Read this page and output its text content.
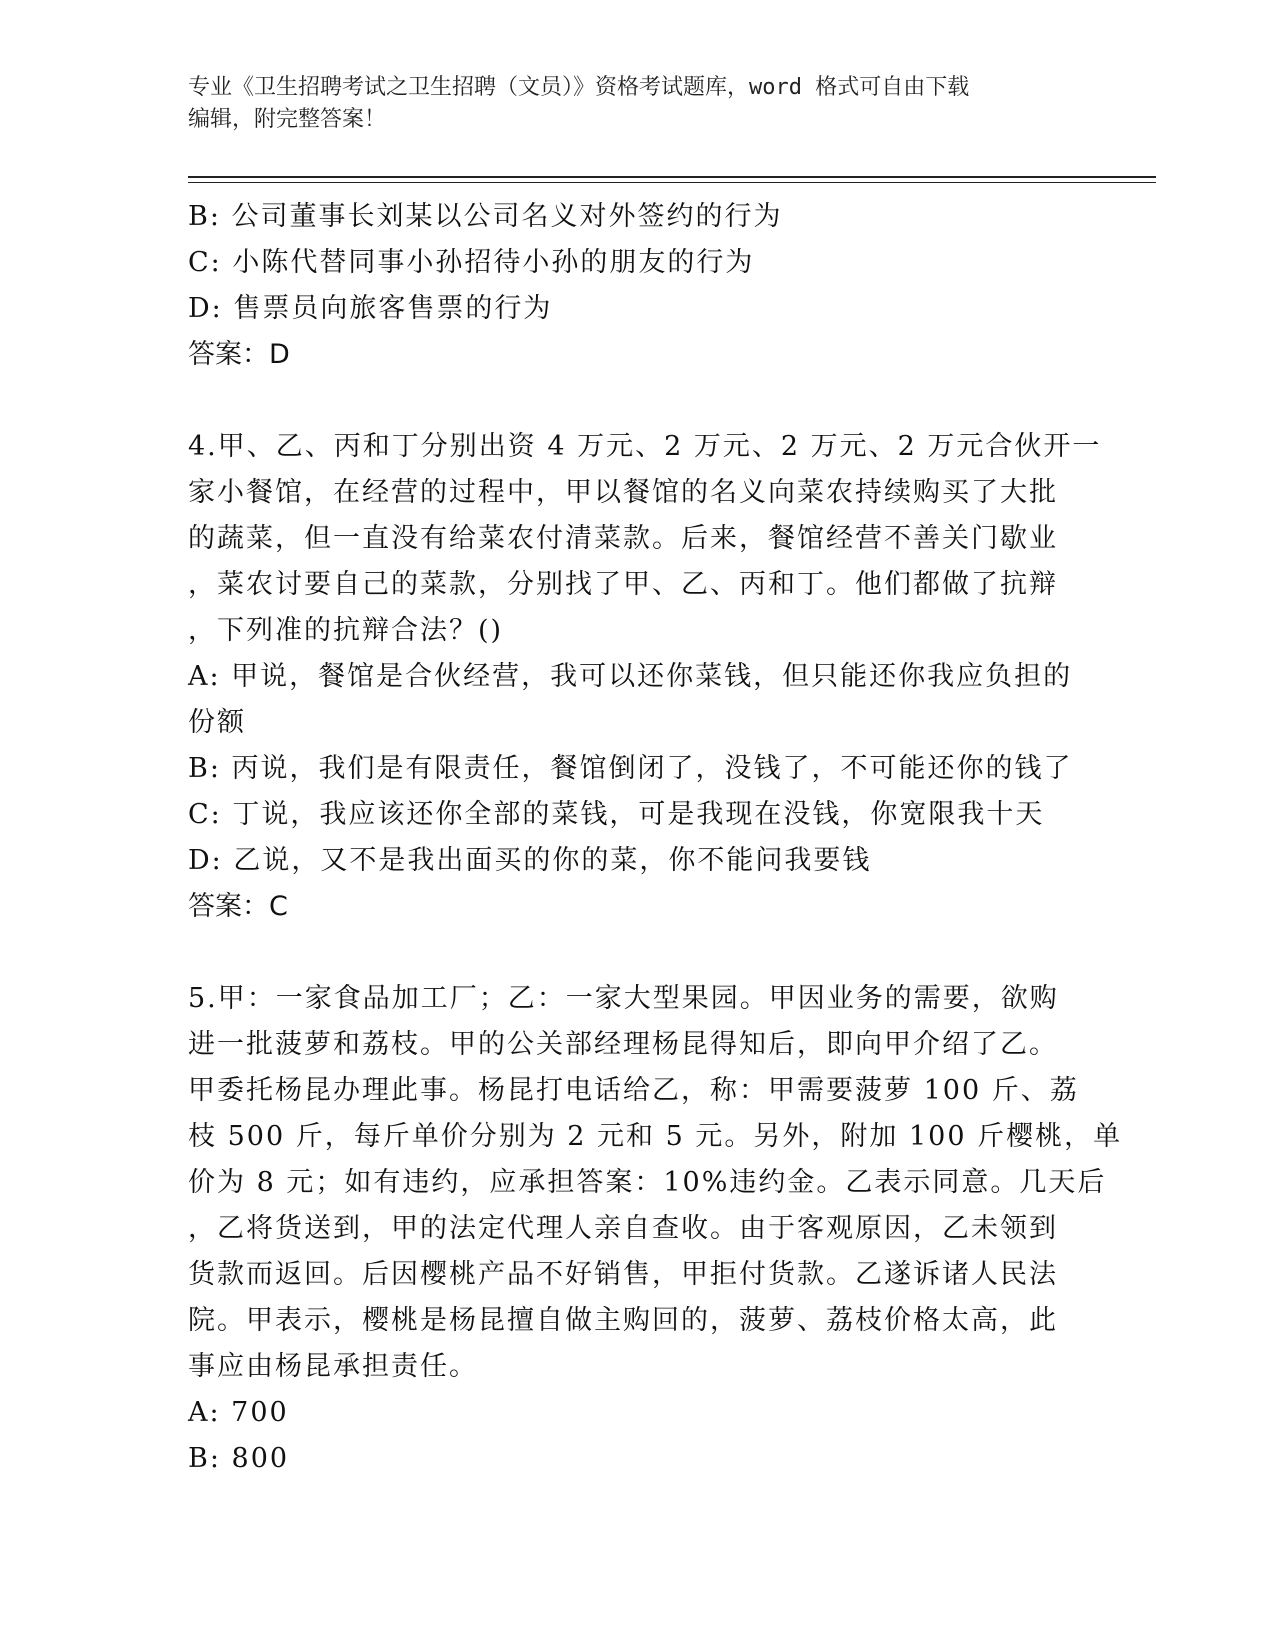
专业《卫生招聘考试之卫生招聘（文员）》资格考试题库，word 格式可自由下载
编辑，附完整答案！
B: 公司董事长刘某以公司名义对外签约的行为
C: 小陈代替同事小孙招待小孙的朋友的行为
D: 售票员向旅客售票的行为
答案：D
4.甲、乙、丙和丁分别出资 4 万元、2 万元、2 万元、2 万元合伙开一
家小餐馆，在经营的过程中，甲以餐馆的名义向菜农持续购买了大批
的蔬菜，但一直没有给菜农付清菜款。后来，餐馆经营不善关门歇业
，菜农讨要自己的菜款，分别找了甲、乙、丙和丁。他们都做了抗辩
，下列准的抗辩合法？()
A: 甲说，餐馆是合伙经营，我可以还你菜钱，但只能还你我应负担的
份额
B: 丙说，我们是有限责任，餐馆倒闭了，没钱了，不可能还你的钱了
C: 丁说，我应该还你全部的菜钱，可是我现在没钱，你宽限我十天
D: 乙说，又不是我出面买的你的菜，你不能问我要钱
答案：C
5.甲：一家食品加工厂；乙：一家大型果园。甲因业务的需要，欲购
进一批菠萝和荔枝。甲的公关部经理杨昆得知后，即向甲介绍了乙。
甲委托杨昆办理此事。杨昆打电话给乙，称：甲需要菠萝 100 斤、荔
枝 500 斤，每斤单价分别为 2 元和 5 元。另外，附加 100 斤樱桃，单
价为 8 元；如有违约，应承担答案：10%违约金。乙表示同意。几天后
，乙将货送到，甲的法定代理人亲自查收。由于客观原因，乙未领到
货款而返回。后因樱桃产品不好销售，甲拒付货款。乙遂诉诸人民法
院。甲表示，樱桃是杨昆擅自做主购回的，菠萝、荔枝价格太高，此
事应由杨昆承担责任。
A: 700
B: 800
